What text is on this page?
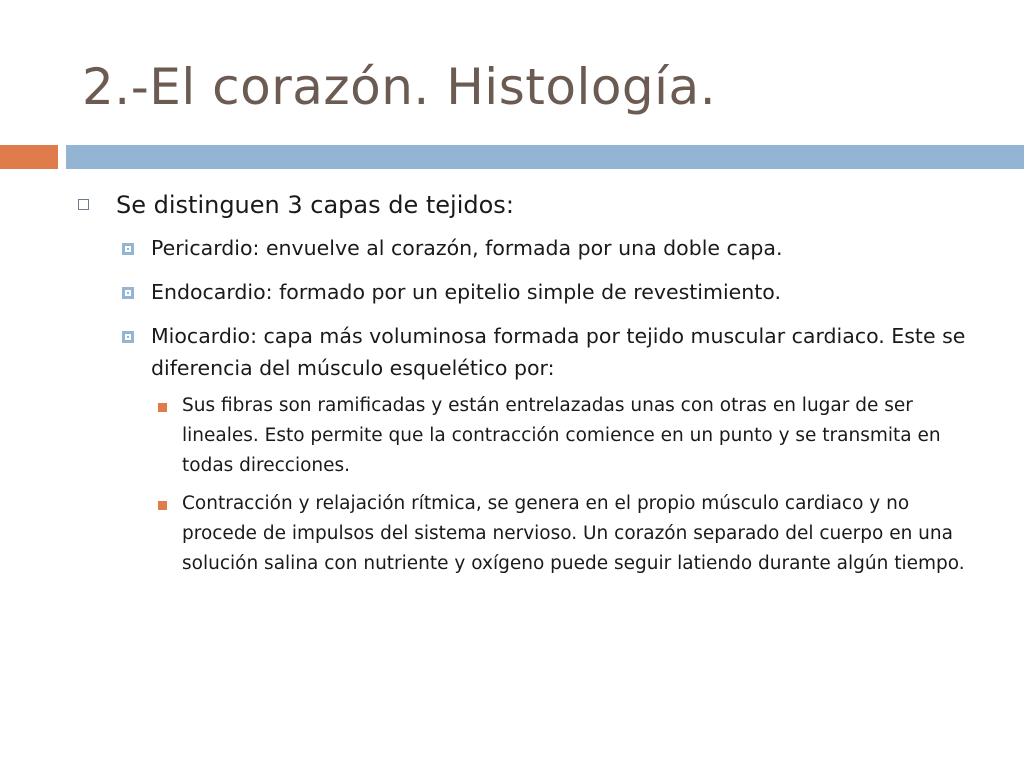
2.-El corazón. Histología.
Se distinguen 3 capas de tejidos:
Pericardio: envuelve al corazón, formada por una doble capa.
Endocardio: formado por un epitelio simple de revestimiento.
Miocardio: capa más voluminosa formada por tejido muscular cardiaco. Este se diferencia del músculo esquelético por:
Sus fibras son ramificadas y están entrelazadas unas con otras en lugar de ser lineales. Esto permite que la contracción comience en un punto y se transmita en todas direcciones.
Contracción y relajación rítmica, se genera en el propio músculo cardiaco y no procede de impulsos del sistema nervioso. Un corazón separado del cuerpo en una solución salina con nutriente y oxígeno puede seguir latiendo durante algún tiempo.
